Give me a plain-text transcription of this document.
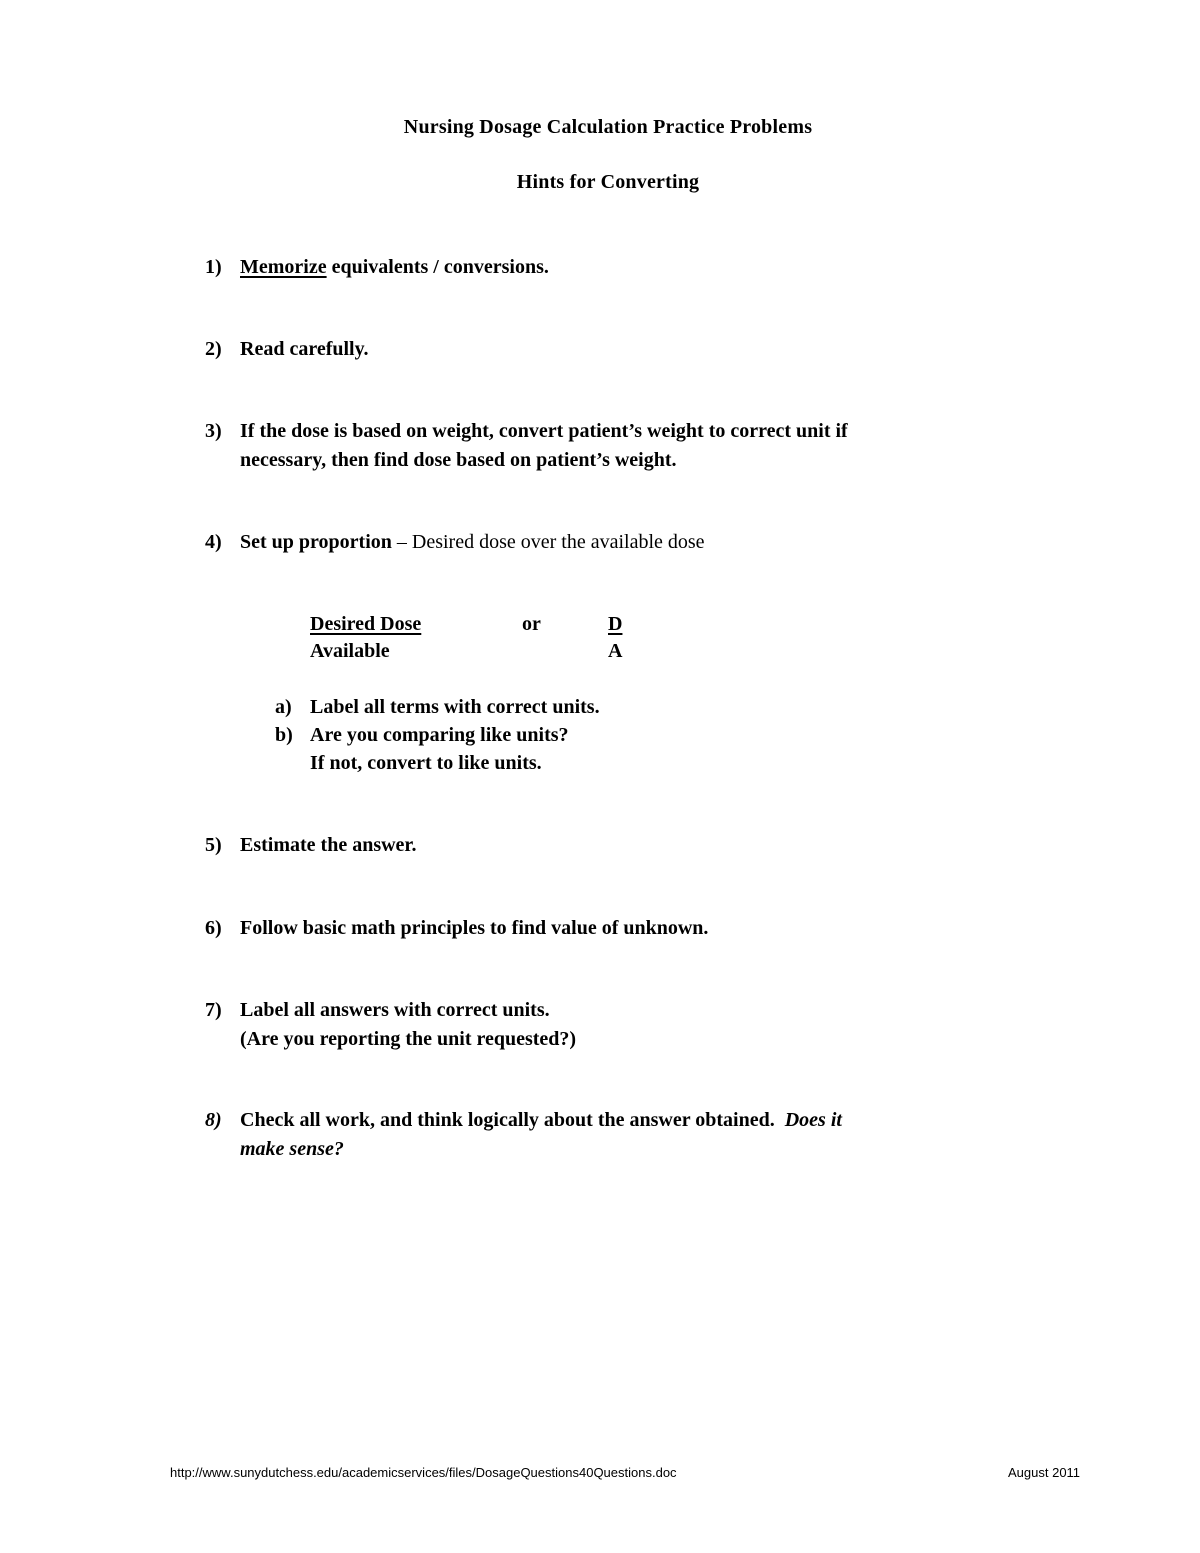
Nursing Dosage Calculation Practice Problems
Hints for Converting
1) Memorize equivalents / conversions.
2) Read carefully.
3) If the dose is based on weight, convert patient’s weight to correct unit if
necessary, then find dose based on patient’s weight.
4) Set up proportion – Desired dose over the available dose
Desired Dose
Available
or	$\frac{D}{A}$
a) Label all terms with correct units.
b) Are you comparing like units?
If not, convert to like units.
5) Estimate the answer.
6) Follow basic math principles to find value of unknown.
7) Label all answers with correct units.
(Are you reporting the unit requested?)
8) Check all work, and think logically about the answer obtained. Does it
make sense?
http://www.sunydutchess.edu/academicservices/files/DosageQuestions40Questions.doc	August 2011
